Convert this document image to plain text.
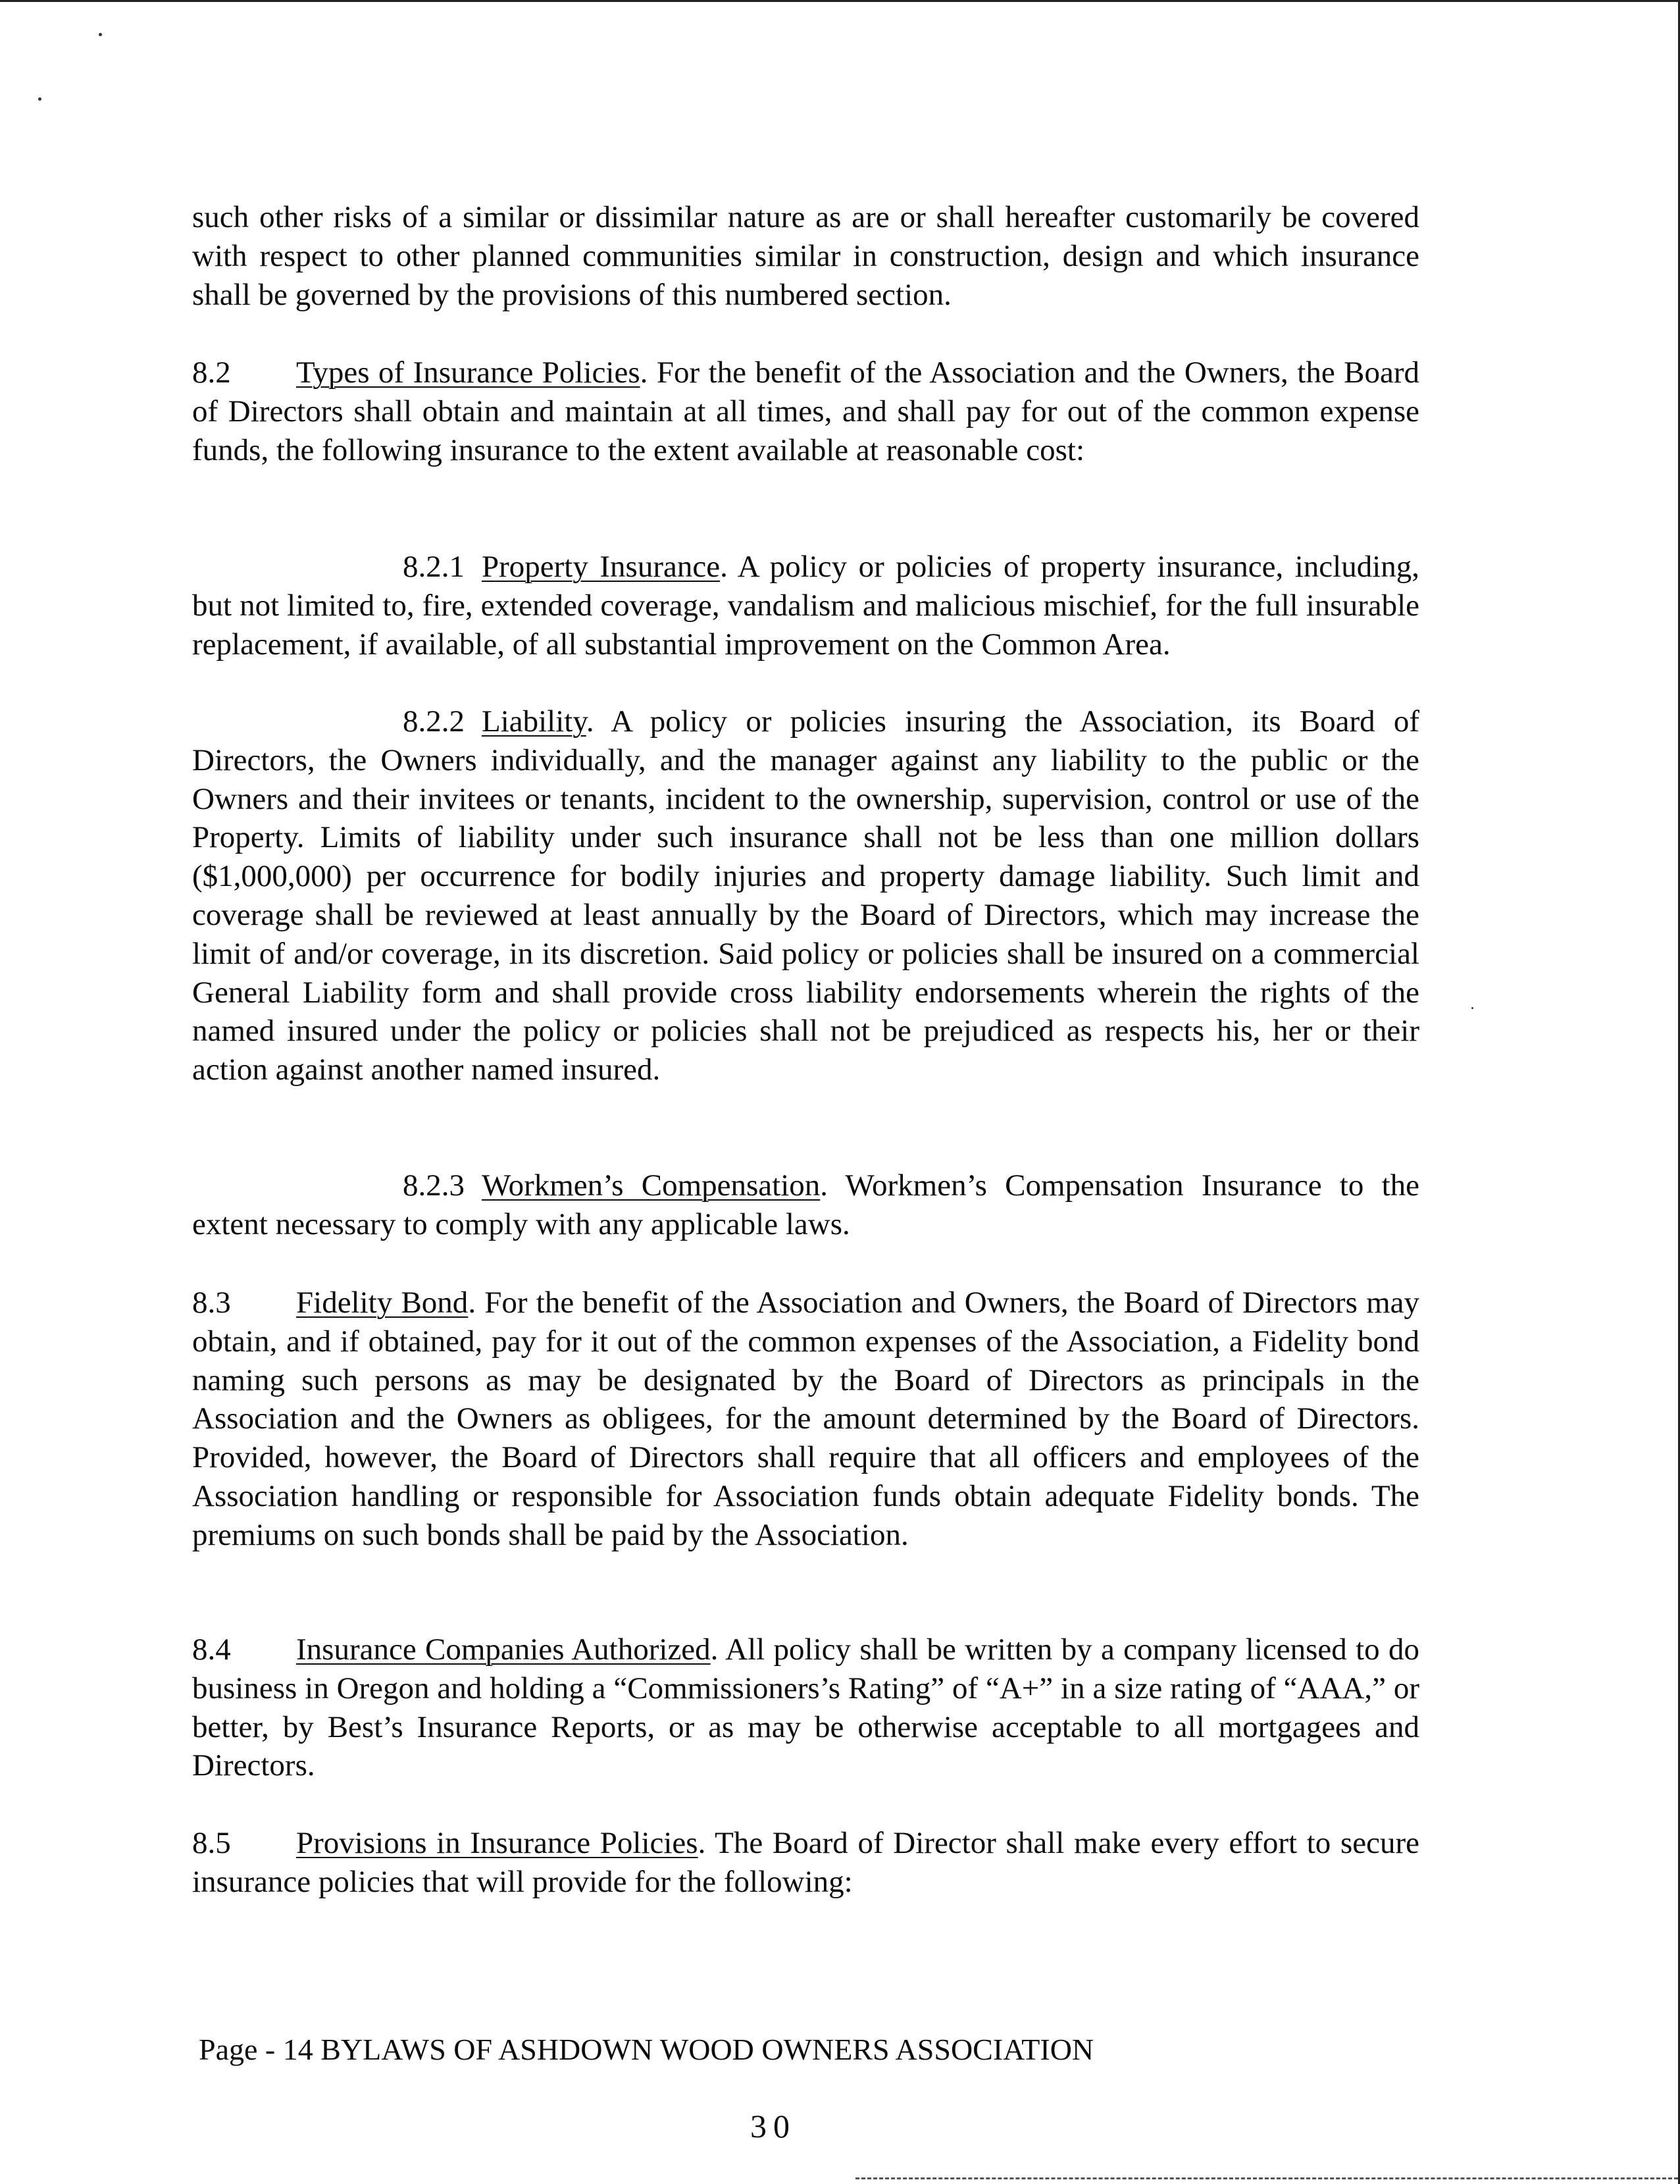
such other risks of a similar or dissimilar nature as are or shall hereafter customarily be covered with respect to other planned communities similar in construction, design and which insurance shall be governed by the provisions of this numbered section.

8.2 Types of Insurance Policies. For the benefit of the Association and the Owners, the Board of Directors shall obtain and maintain at all times, and shall pay for out of the common expense funds, the following insurance to the extent available at reasonable cost:

8.2.1 Property Insurance. A policy or policies of property insurance, including, but not limited to, fire, extended coverage, vandalism and malicious mischief, for the full insurable replacement, if available, of all substantial improvement on the Common Area.

8.2.2 Liability. A policy or policies insuring the Association, its Board of Directors, the Owners individually, and the manager against any liability to the public or the Owners and their invitees or tenants, incident to the ownership, supervision, control or use of the Property. Limits of liability under such insurance shall not be less than one million dollars ($1,000,000) per occurrence for bodily injuries and property damage liability. Such limit and coverage shall be reviewed at least annually by the Board of Directors, which may increase the limit of and/or coverage, in its discretion. Said policy or policies shall be insured on a commercial General Liability form and shall provide cross liability endorsements wherein the rights of the named insured under the policy or policies shall not be prejudiced as respects his, her or their action against another named insured.

8.2.3 Workmen’s Compensation. Workmen’s Compensation Insurance to the extent necessary to comply with any applicable laws.

8.3 Fidelity Bond. For the benefit of the Association and Owners, the Board of Directors may obtain, and if obtained, pay for it out of the common expenses of the Association, a Fidelity bond naming such persons as may be designated by the Board of Directors as principals in the Association and the Owners as obligees, for the amount determined by the Board of Directors. Provided, however, the Board of Directors shall require that all officers and employees of the Association handling or responsible for Association funds obtain adequate Fidelity bonds. The premiums on such bonds shall be paid by the Association.

8.4 Insurance Companies Authorized. All policy shall be written by a company licensed to do business in Oregon and holding a “Commissioners’s Rating” of “A+” in a size rating of “AAA,” or better, by Best’s Insurance Reports, or as may be otherwise acceptable to all mortgagees and Directors.

8.5 Provisions in Insurance Policies. The Board of Director shall make every effort to secure insurance policies that will provide for the following:

Page - 14 BYLAWS OF ASHDOWN WOOD OWNERS ASSOCIATION
30
